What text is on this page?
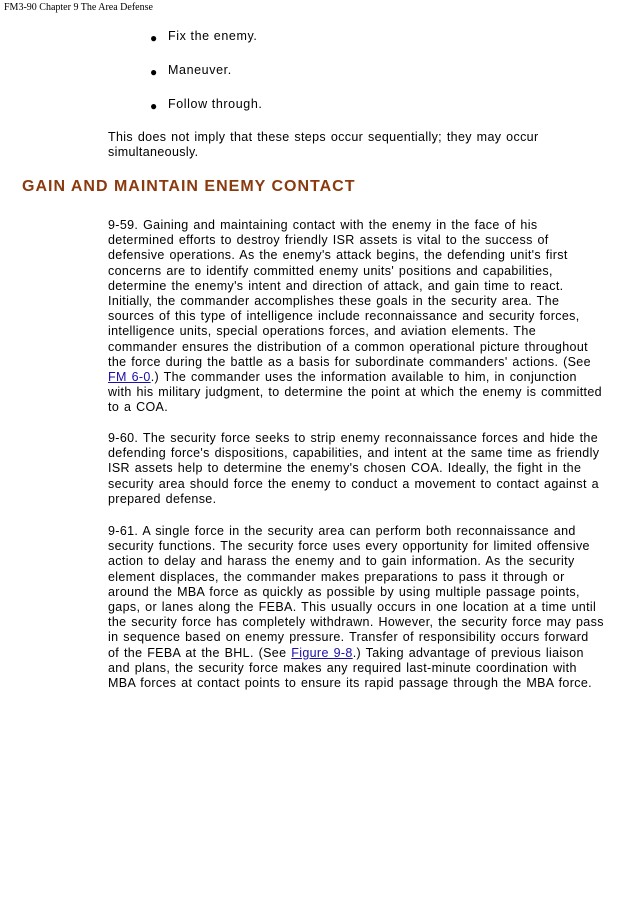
FM3-90 Chapter 9 The Area Defense
● Fix the enemy.
● Maneuver.
● Follow through.

This does not imply that these steps occur sequentially; they may occur simultaneously.

GAIN AND MAINTAIN ENEMY CONTACT

9-59. Gaining and maintaining contact with the enemy in the face of his determined efforts to destroy friendly ISR assets is vital to the success of defensive operations. As the enemy's attack begins, the defending unit's first concerns are to identify committed enemy units' positions and capabilities, determine the enemy's intent and direction of attack, and gain time to react. Initially, the commander accomplishes these goals in the security area. The sources of this type of intelligence include reconnaissance and security forces, intelligence units, special operations forces, and aviation elements. The commander ensures the distribution of a common operational picture throughout the force during the battle as a basis for subordinate commanders' actions. (See FM 6-0.) The commander uses the information available to him, in conjunction with his military judgment, to determine the point at which the enemy is committed to a COA.

9-60. The security force seeks to strip enemy reconnaissance forces and hide the defending force's dispositions, capabilities, and intent at the same time as friendly ISR assets help to determine the enemy's chosen COA. Ideally, the fight in the security area should force the enemy to conduct a movement to contact against a prepared defense.

9-61. A single force in the security area can perform both reconnaissance and security functions. The security force uses every opportunity for limited offensive action to delay and harass the enemy and to gain information. As the security element displaces, the commander makes preparations to pass it through or around the MBA force as quickly as possible by using multiple passage points, gaps, or lanes along the FEBA. This usually occurs in one location at a time until the security force has completely withdrawn. However, the security force may pass in sequence based on enemy pressure. Transfer of responsibility occurs forward of the FEBA at the BHL. (See Figure 9-8.) Taking advantage of previous liaison and plans, the security force makes any required last-minute coordination with MBA forces at contact points to ensure its rapid passage through the MBA force.
